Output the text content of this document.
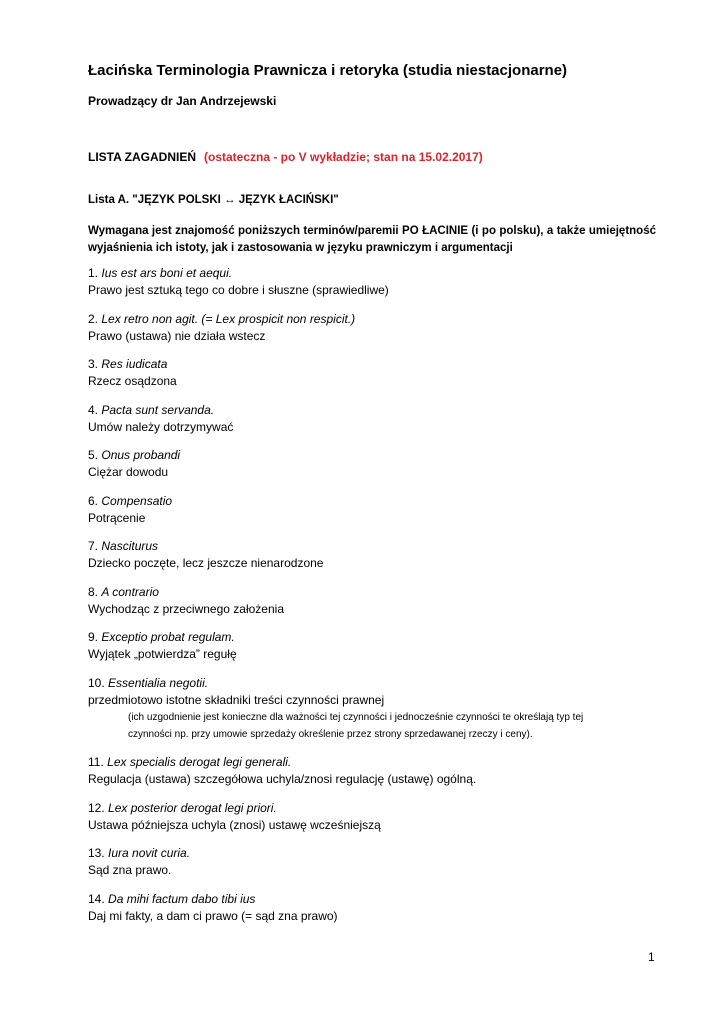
Łacińska Terminologia Prawnicza i retoryka (studia niestacjonarne)
Prowadzący dr Jan Andrzejewski
LISTA ZAGADNIEŃ (ostateczna - po V wykładzie; stan na 15.02.2017)
Lista A. "JĘZYK POLSKI ↔ JĘZYK ŁACIŃSKI"
Wymagana jest znajomość poniższych terminów/paremii PO ŁACINIE (i po polsku), a także umiejętność wyjaśnienia ich istoty, jak i zastosowania w języku prawniczym i argumentacji
1. Ius est ars boni et aequi.
Prawo jest sztuką tego co dobre i słuszne (sprawiedliwe)
2. Lex retro non agit. (= Lex prospicit non respicit.)
Prawo (ustawa) nie działa wstecz
3. Res iudicata
Rzecz osądzona
4. Pacta sunt servanda.
Umów należy dotrzymywać
5. Onus probandi
Ciężar dowodu
6. Compensatio
Potrącenie
7. Nasciturus
Dziecko poczęte, lecz jeszcze nienarodzone
8. A contrario
Wychodząc z przeciwnego założenia
9. Exceptio probat regulam.
Wyjątek „potwierdza” regułę
10. Essentialia negotii.
przedmiotowo istotne składniki treści czynności prawnej
(ich uzgodnienie jest konieczne dla ważności tej czynności i jednocześnie czynności te określają typ tej
czynności np. przy umowie sprzedaży określenie przez strony sprzedawanej rzeczy i ceny).
11. Lex specialis derogat legi generali.
Regulacja (ustawa) szczegółowa uchyla/znosi regulację (ustawę) ogólną.
12. Lex posterior derogat legi priori.
Ustawa późniejsza uchyla (znosi) ustawę wcześniejszą
13. Iura novit curia.
Sąd zna prawo.
14. Da mihi factum dabo tibi ius
Daj mi fakty, a dam ci prawo (= sąd zna prawo)
1
